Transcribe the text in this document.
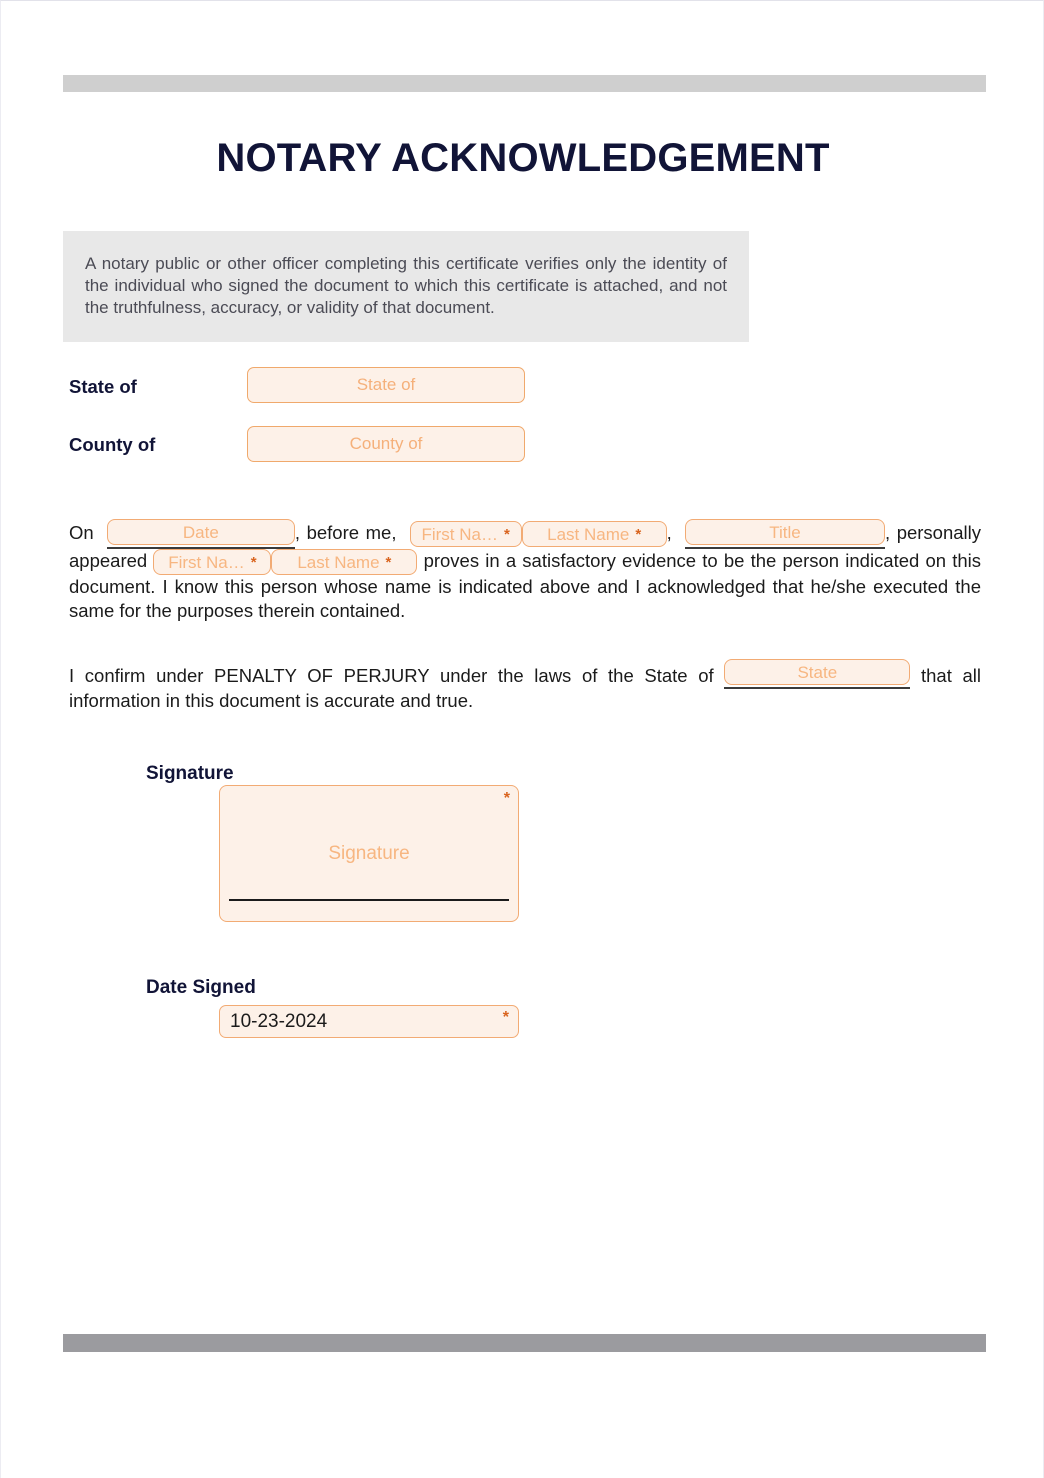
NOTARY ACKNOWLEDGEMENT
A notary public or other officer completing this certificate verifies only the identity of the individual who signed the document to which this certificate is attached, and not the truthfulness, accuracy, or validity of that document.
State of	State of
County of	County of
On	Date	, before me, First Na… * Last Name * ,	Title	, personally appeared First Na… * Last Name * proves in a satisfactory evidence to be the person indicated on this document. I know this person whose name is indicated above and I acknowledged that he/she executed the same for the purposes therein contained.
I confirm under PENALTY OF PERJURY under the laws of the State of	State	that all information in this document is accurate and true.
Signature
*
Signature
Date Signed
10-23-2024	*
